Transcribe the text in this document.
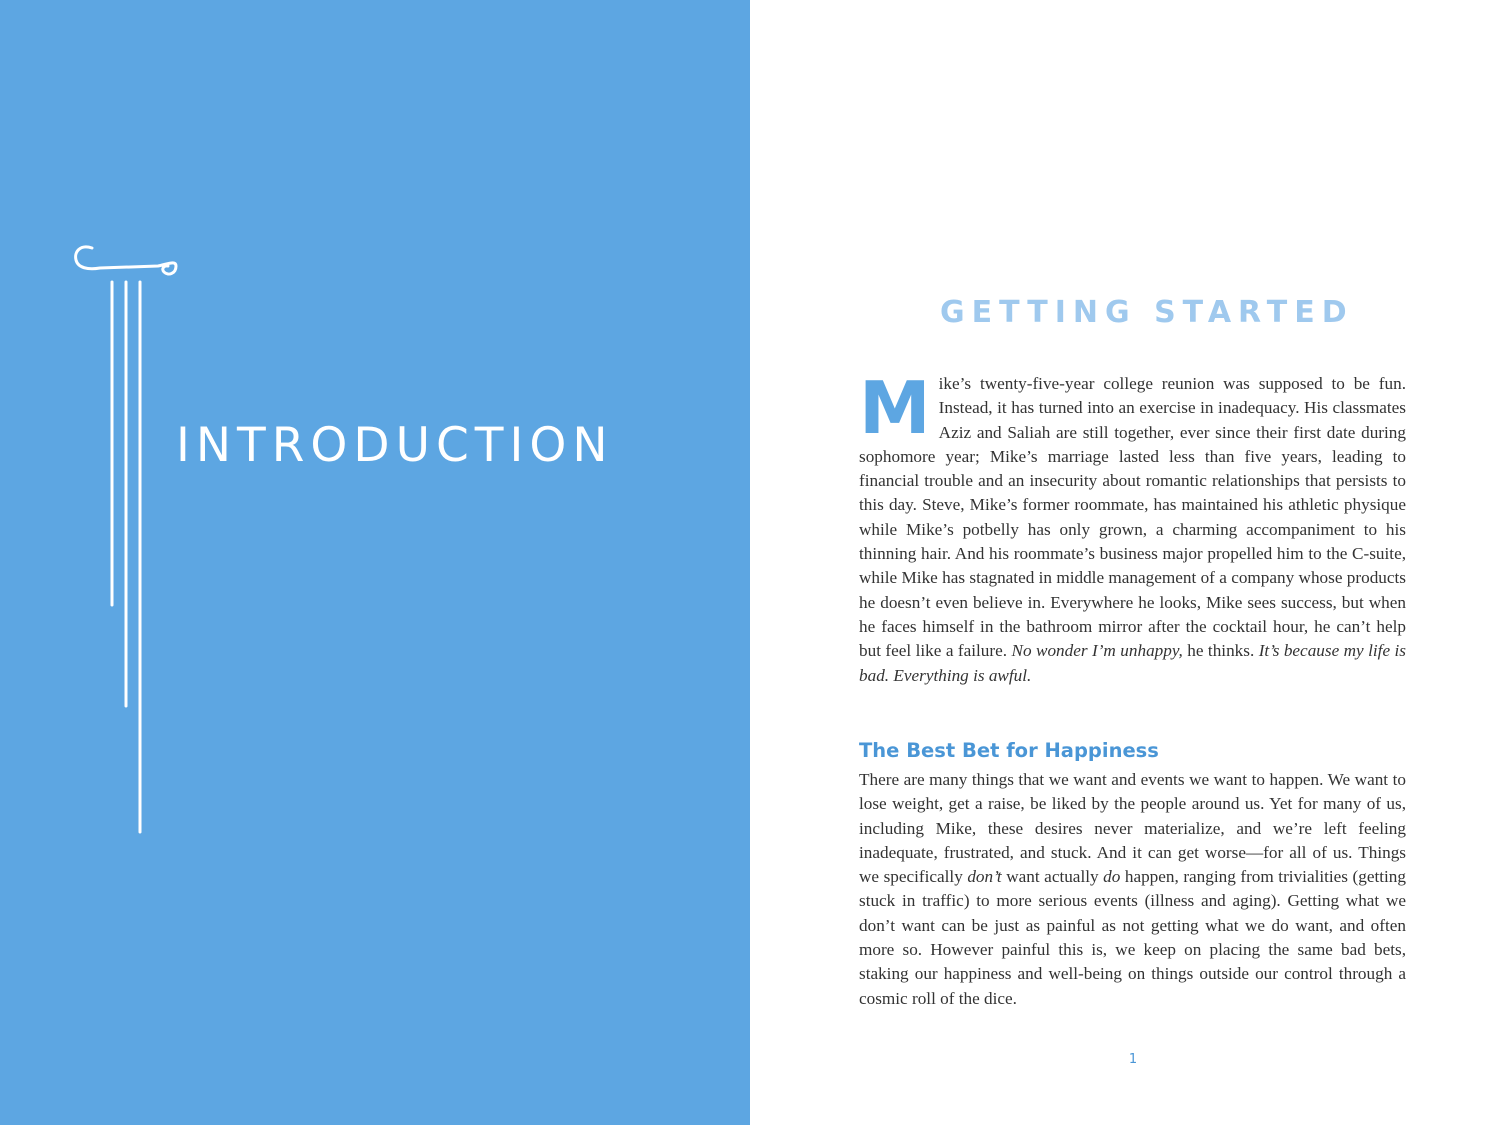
INTRODUCTION
GETTING STARTED

Mike’s twenty-five-year college reunion was supposed to be fun. Instead, it has turned into an exercise in inadequacy. His classmates Aziz and Saliah are still together, ever since their first date during sophomore year; Mike’s marriage lasted less than five years, leading to financial trouble and an insecurity about romantic relationships that persists to this day. Steve, Mike’s former roommate, has maintained his athletic physique while Mike’s potbelly has only grown, a charming accompaniment to his thinning hair. And his roommate’s business major propelled him to the C-suite, while Mike has stagnated in middle management of a company whose products he doesn’t even believe in. Everywhere he looks, Mike sees success, but when he faces himself in the bathroom mirror after the cocktail hour, he can’t help but feel like a failure. No wonder I’m unhappy, he thinks. It’s because my life is bad. Everything is awful.

The Best Bet for Happiness

There are many things that we want and events we want to happen. We want to lose weight, get a raise, be liked by the people around us. Yet for many of us, including Mike, these desires never materialize, and we’re left feeling inadequate, frustrated, and stuck. And it can get worse—for all of us. Things we specifically don’t want actually do happen, ranging from trivialities (getting stuck in traffic) to more serious events (illness and aging). Getting what we don’t want can be just as painful as not getting what we do want, and often more so. However painful this is, we keep on placing the same bad bets, staking our happiness and well-being on things outside our control through a cosmic roll of the dice.

1
